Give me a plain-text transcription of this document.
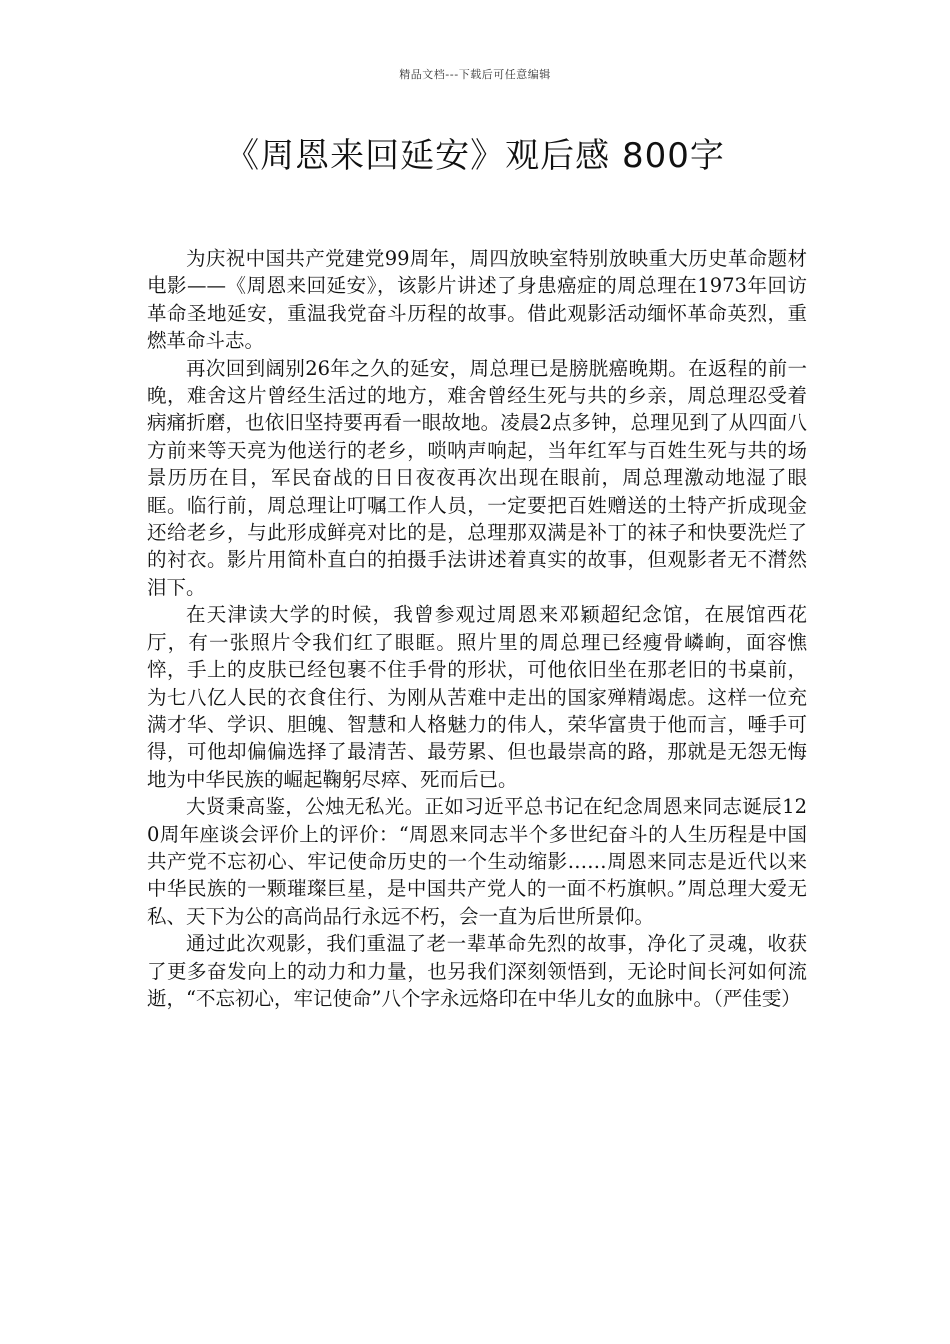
精品文档---下载后可任意编辑
《周恩来回延安》观后感 800字

为庆祝中国共产党建党99周年，周四放映室特别放映重大历史革命题材电影——《周恩来回延安》，该影片讲述了身患癌症的周总理在1973年回访革命圣地延安，重温我党奋斗历程的故事。借此观影活动缅怀革命英烈，重燃革命斗志。

再次回到阔别26年之久的延安，周总理已是膀胱癌晚期。在返程的前一晚，难舍这片曾经生活过的地方，难舍曾经生死与共的乡亲，周总理忍受着病痛折磨，也依旧坚持要再看一眼故地。凌晨2点多钟，总理见到了从四面八方前来等天亮为他送行的老乡，唢呐声响起，当年红军与百姓生死与共的场景历历在目，军民奋战的日日夜夜再次出现在眼前，周总理激动地湿了眼眶。临行前，周总理让叮嘱工作人员，一定要把百姓赠送的土特产折成现金还给老乡，与此形成鲜亮对比的是，总理那双满是补丁的袜子和快要洗烂了的衬衣。影片用简朴直白的拍摄手法讲述着真实的故事，但观影者无不潸然泪下。

在天津读大学的时候，我曾参观过周恩来邓颖超纪念馆，在展馆西花厅，有一张照片令我们红了眼眶。照片里的周总理已经瘦骨嶙峋，面容憔悴，手上的皮肤已经包裹不住手骨的形状，可他依旧坐在那老旧的书桌前，为七八亿人民的衣食住行、为刚从苦难中走出的国家殚精竭虑。这样一位充满才华、学识、胆魄、智慧和人格魅力的伟人，荣华富贵于他而言，唾手可得，可他却偏偏选择了最清苦、最劳累、但也最崇高的路，那就是无怨无悔地为中华民族的崛起鞠躬尽瘁、死而后已。

大贤秉高鉴，公烛无私光。正如习近平总书记在纪念周恩来同志诞辰120周年座谈会评价上的评价：“周恩来同志半个多世纪奋斗的人生历程是中国共产党不忘初心、牢记使命历史的一个生动缩影……周恩来同志是近代以来中华民族的一颗璀璨巨星，是中国共产党人的一面不朽旗帜。”周总理大爱无私、天下为公的高尚品行永远不朽，会一直为后世所景仰。

通过此次观影，我们重温了老一辈革命先烈的故事，净化了灵魂，收获了更多奋发向上的动力和力量，也另我们深刻领悟到，无论时间长河如何流逝，“不忘初心，牢记使命”八个字永远烙印在中华儿女的血脉中。（严佳雯）
